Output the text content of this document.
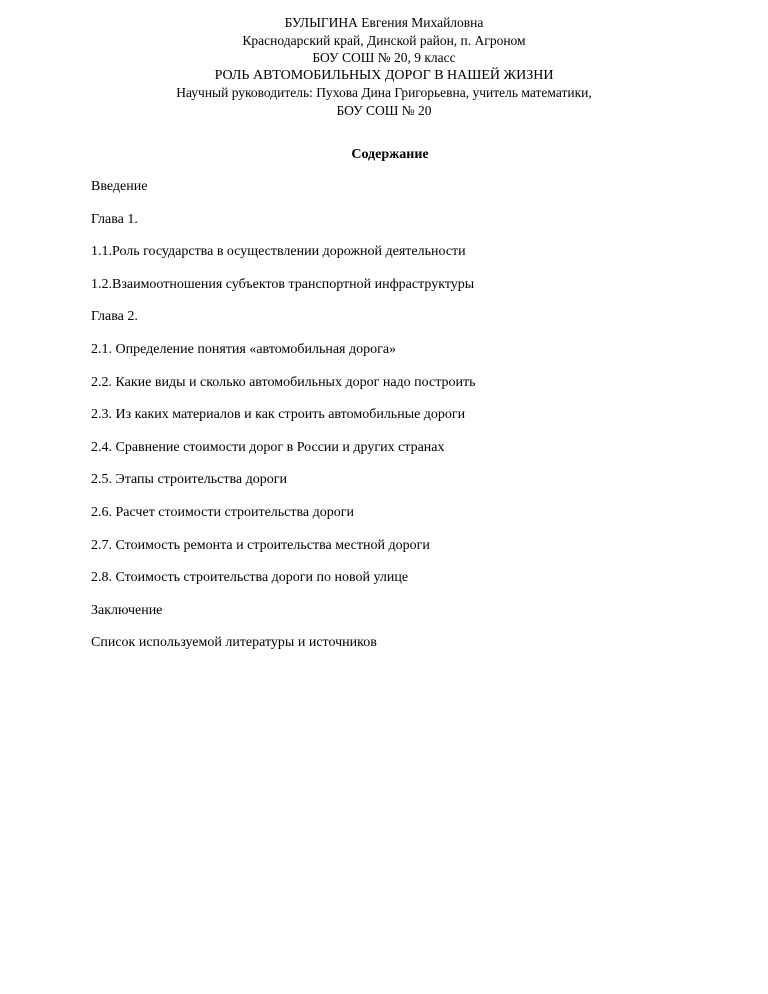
БУЛЫГИНА Евгения Михайловна
Краснодарский край, Динской район, п. Агроном
БОУ СОШ № 20, 9 класс
РОЛЬ АВТОМОБИЛЬНЫХ ДОРОГ В НАШЕЙ ЖИЗНИ
Научный руководитель: Пухова Дина Григорьевна, учитель математики,
БОУ СОШ № 20
Содержание
Введение
Глава 1.
1.1.Роль государства в осуществлении дорожной деятельности
1.2.Взаимоотношения субъектов транспортной инфраструктуры
Глава 2.
2.1. Определение понятия «автомобильная дорога»
2.2. Какие виды и сколько автомобильных дорог надо построить
2.3. Из каких материалов и как строить автомобильные дороги
2.4. Сравнение стоимости дорог в России и других странах
2.5. Этапы строительства дороги
2.6. Расчет стоимости строительства дороги
2.7. Стоимость ремонта и строительства местной дороги
2.8. Стоимость строительства дороги по новой улице
Заключение
Список используемой литературы и источников
